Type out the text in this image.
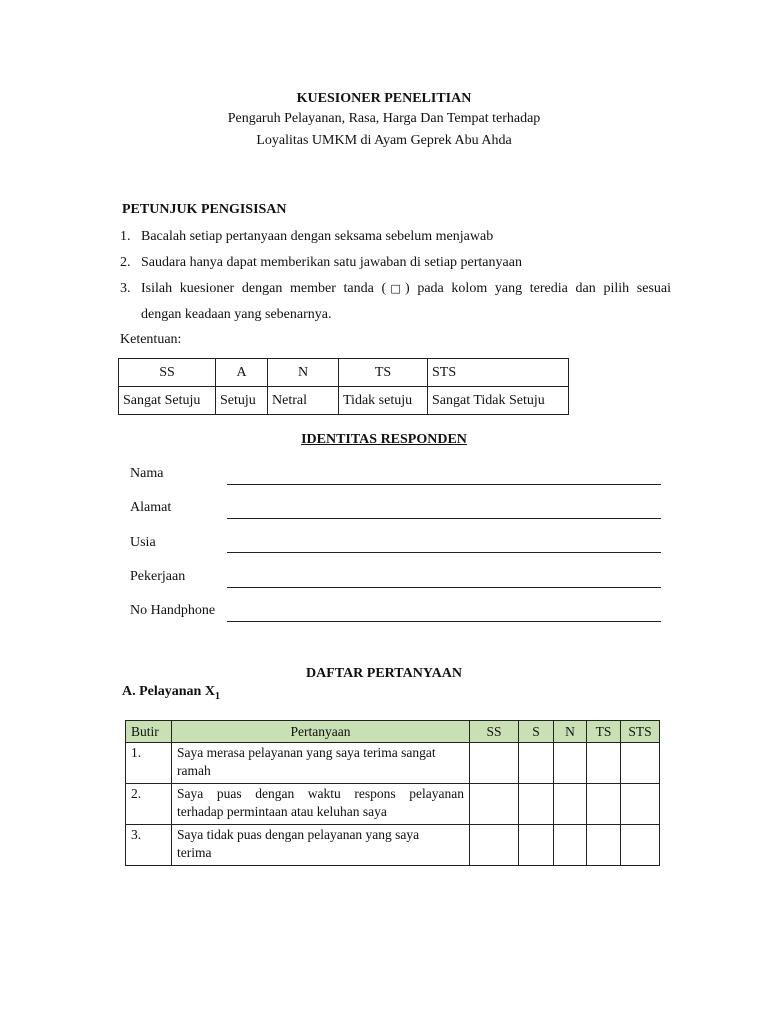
KUESIONER PENELITIAN
Pengaruh Pelayanan, Rasa, Harga Dan Tempat terhadap
Loyalitas UMKM di Ayam Geprek Abu Ahda
PETUNJUK PENGISISAN
1. Bacalah setiap pertanyaan dengan seksama sebelum menjawab
2. Saudara hanya dapat memberikan satu jawaban di setiap pertanyaan
3. Isilah kuesioner dengan member tanda (□) pada kolom yang teredia dan pilih sesuai
dengan keadaan yang sebenarnya.
Ketentuan:
SS	A	N	TS	STS
Sangat Setuju	Setuju	Netral	Tidak setuju	Sangat Tidak Setuju
IDENTITAS RESPONDEN
Nama
Alamat
Usia
Pekerjaan
No Handphone
DAFTAR PERTANYAAN
A. Pelayanan $X_1$
Butir	Pertanyaan	SS	S	N	TS	STS
1.	Saya merasa pelayanan yang saya terima sangat
ramah					
2.	Saya puas dengan waktu respons pelayanan
terhadap permintaan atau keluhan saya					

3.	Saya tidak puas dengan pelayanan yang saya
terima					
